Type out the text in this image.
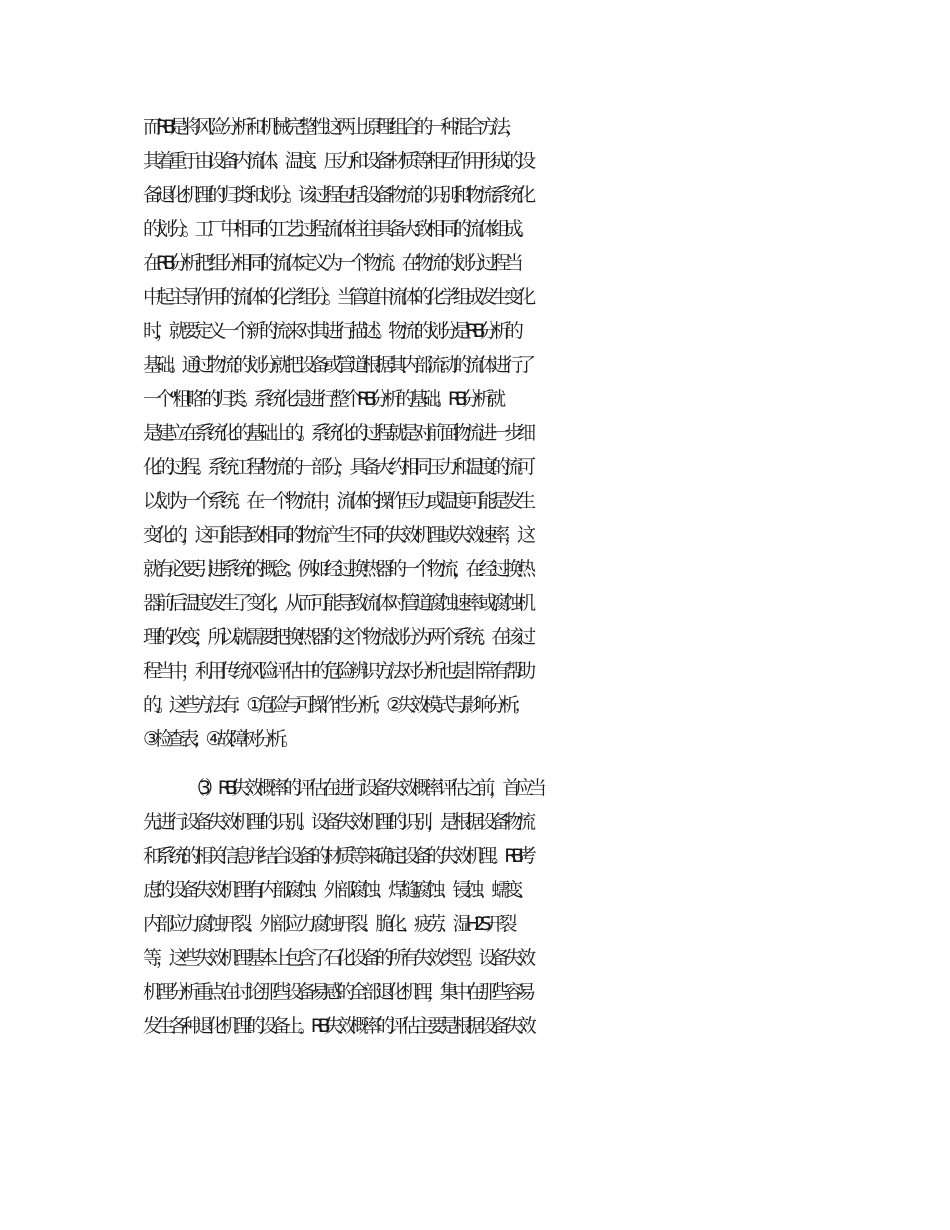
而RBI是将风险分析和机械完整性这两上原理组合的一种混合方法，
其着重于由设备内流体、温度、压力和设备材质等相互作用形成的设
备退化机理的归类和划分。该过程包括设备物流的识别和物流系统化
的划分。工厂中相同的工艺过程流体往往具备大致相同的流体组成。
在RBI分析把组分相同的流体定义为一个物流。在物流的划分过程当
中起主导作用的流体的化学组分。当管道中流体的化学组成发生变化
时，就要定义一个新的流来对其进行描述。物流的划分是RBI分析的
基础。通过物流的划分就把设备或管道根据其内部流动的流体进行了
一个“粗略”的归类。系统化是进行整个RBI分析的基础。RBI分析就
是建立在系统化的基础上的。系统化的过程就是对前面物流进一步细
化的过程。系统工程物流的一部分，具备大约相同压力和温度的流可
以划为一个系统。在一个物流中，流体的操作压力或温度可能是发生
变化的，这可能导致相同的物流产生不同的失效机理或失效速率，这
就有必要引进系统的概念。例如经过换热器的一个物流，在经过换热
器前后温度发生了变化，从而可能导致流体对管道腐蚀速率或腐蚀机
理的改变，所以就需要把换热器的这个物流划分为两个系统。在该过
程当中，利用传统风险评估中的危险辨识方法对分析也是非常有帮助
的。这些方法有：①危险与可操作性分析；②失效模式与影响分析；
③检查表；④故障树分析。
（3）RBI失效概率的评估在进行设备失效概率评估之前，首应当
先进行设备失效机理的识别。设备失效机理的识别，是根据设备物流
和系统的相关信息并结合设备的材质等来确定设备的失效机理。RBI考
虑的设备失 效机理有内部腐蚀、外部腐蚀、焊缝腐蚀、锓蚀、蠕变、
内部应力腐蚀开裂、外部应力腐蚀开裂、脆化、疲劳、湿H2S开裂
等，这些失效机理基本上包含了石化设备的所有失效类型。设备失效
机理分析重点在讨论那些设备易感的全部退化机理，集中在那些容易
发生各种退化机理的设备上。RBI失效概率的评估主要是根据设备失效
